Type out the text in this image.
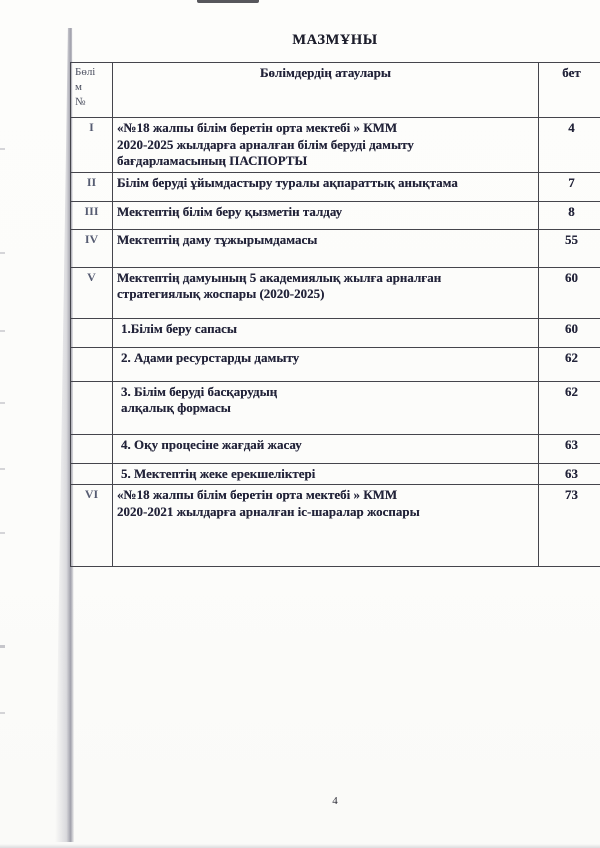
МАЗМҰНЫ
Бөлі
м
№	Бөлімдердің атаулары	бет
I	«№18 жалпы білім беретін орта мектебі » КММ
2020-2025 жылдарға арналған білім беруді дамыту
бағдарламасының ПАСПОРТЫ	4
II	Білім беруді ұйымдастыру туралы ақпараттық анықтама	7
III	Мектептің білім беру қызметін талдау	8
IV	Мектептің даму тұжырымдамасы	55
V	Мектептің дамуының 5 академиялық жылға арналған
стратегиялық жоспары (2020-2025)	60
	1.Білім беру сапасы	60
	2. Адами ресурстарды дамыту	62
	3. Білім беруді басқарудың
алқалық формасы	62
	4. Оқу процесіне жағдай жасау	63
	5. Мектептің жеке ерекшеліктері	63
VI	«№18 жалпы білім беретін орта мектебі » КММ
2020-2021 жылдарға арналған іс-шаралар жоспары	73
4
